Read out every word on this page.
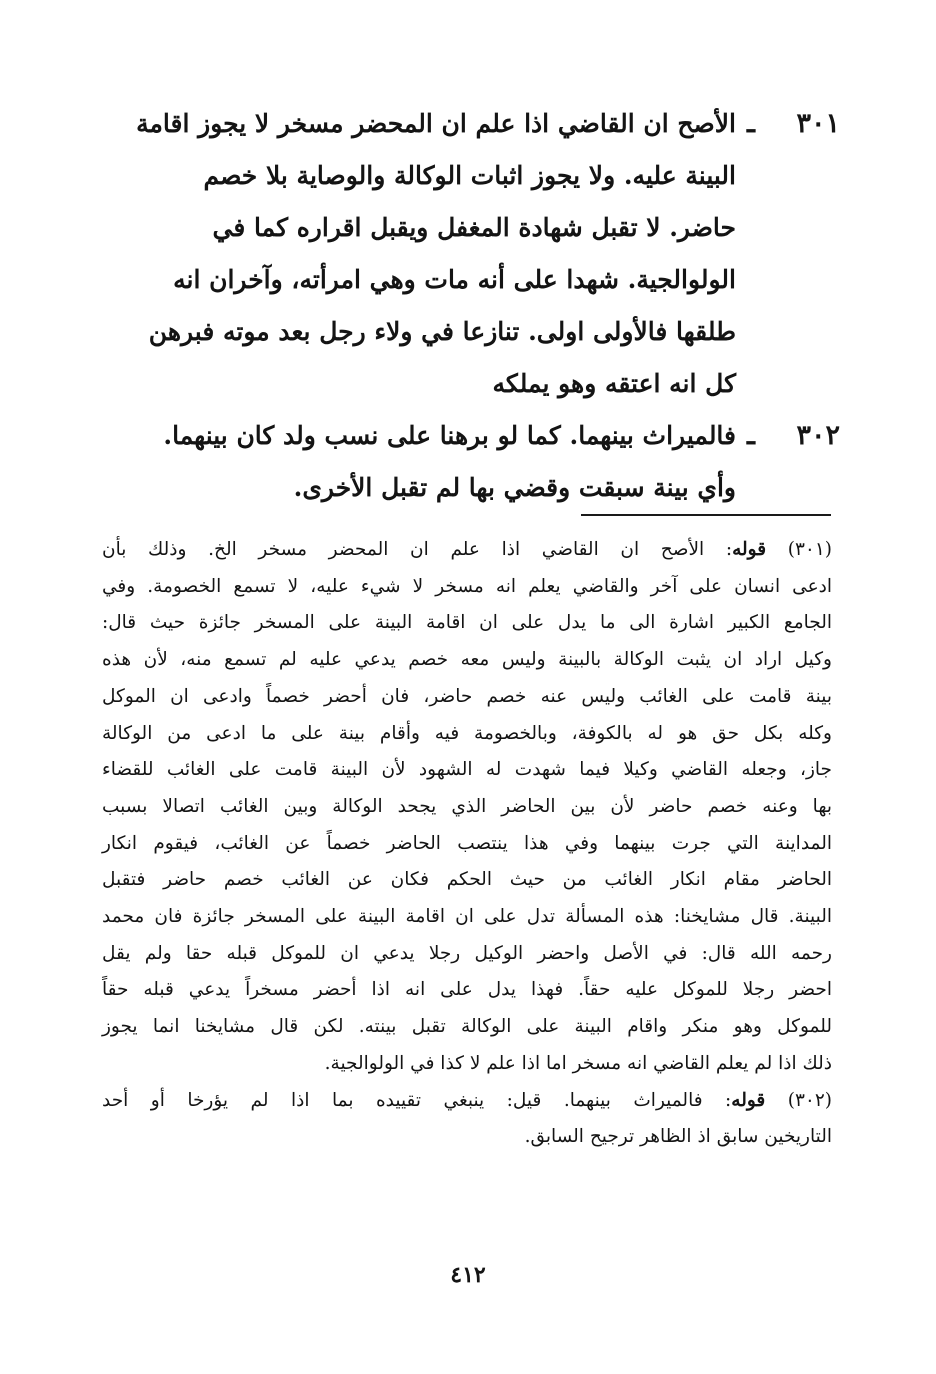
٣٠١
ـ
الأصح ان القاضي اذا علم ان المحضر مسخر لا يجوز اقامة
البينة عليه. ولا يجوز اثبات الوكالة والوصاية بلا خصم
حاضر. لا تقبل شهادة المغفل ويقبل اقراره كما في
الولوالجية. شهدا على أنه مات وهي امرأته، وآخران انه
طلقها فالأولى اولى. تنازعا في ولاء رجل بعد موته فبرهن
كل انه اعتقه وهو يملكه
٣٠٢
ـ
فالميراث بينهما. كما لو برهنا على نسب ولد كان بينهما.
وأي بينة سبقت وقضي بها لم تقبل الأخرى.
(٣٠١) قوله: الأصح ان القاضي اذا علم ان المحضر مسخر الخ. وذلك بأن
ادعى انسان على آخر والقاضي يعلم انه مسخر لا شيء عليه، لا تسمع الخصومة. وفي
الجامع الكبير اشارة الى ما يدل على ان اقامة البينة على المسخر جائزة حيث قال:
وكيل اراد ان يثبت الوكالة بالبينة وليس معه خصم يدعي عليه لم تسمع منه، لأن هذه
بينة قامت على الغائب وليس عنه خصم حاضر، فان أحضر خصماً وادعى ان الموكل
وكله بكل حق هو له بالكوفة، وبالخصومة فيه وأقام بينة على ما ادعى من الوكالة
جاز، وجعله القاضي وكيلا فيما شهدت له الشهود لأن البينة قامت على الغائب للقضاء
بها وعنه خصم حاضر لأن بين الحاضر الذي يجحد الوكالة وبين الغائب اتصالا بسبب
المداينة التي جرت بينهما وفي هذا ينتصب الحاضر خصماً عن الغائب، فيقوم انكار
الحاضر مقام انكار الغائب من حيث الحكم فكان عن الغائب خصم حاضر فتقبل
البينة. قال مشايخنا: هذه المسألة تدل على ان اقامة البينة على المسخر جائزة فان محمد
رحمه الله قال: في الأصل واحضر الوكيل رجلا يدعي ان للموكل قبله حقا ولم يقل
احضر رجلا للموكل عليه حقاً. فهذا يدل على انه اذا أحضر مسخراً يدعي قبله حقاً
للموكل وهو منكر واقام البينة على الوكالة تقبل بينته. لكن قال مشايخنا انما يجوز
ذلك اذا لم يعلم القاضي انه مسخر اما اذا علم لا كذا في الولوالجية.
(٣٠٢) قوله: فالميراث بينهما. قيل: ينبغي تقييده بما اذا لم يؤرخا أو أحد
التاريخين سابق اذ الظاهر ترجيح السابق.
٤١٢
